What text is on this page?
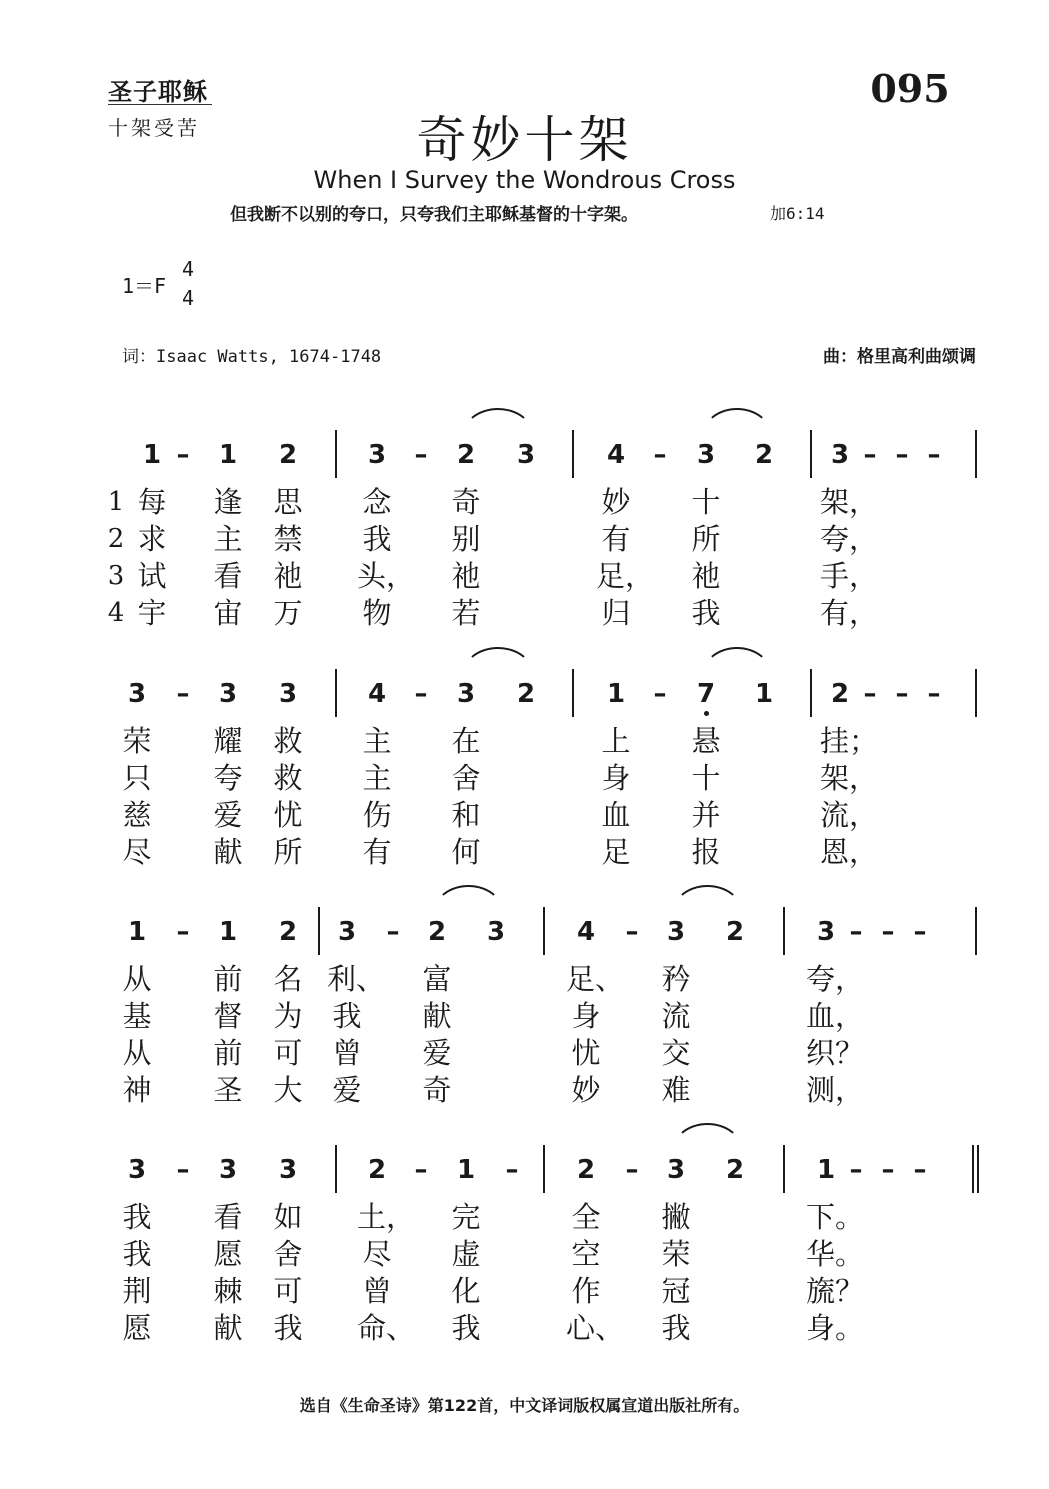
圣子耶稣
十架受苦
095
奇妙十架
When I Survey the Wondrous Cross
但我断不以别的夸口，只夸我们主耶稣基督的十字架。	加6:14
1＝F
4
4
词：Isaac Watts, 1674-1748	曲：格里高利曲颂调
1 –	1 2	3	–	2 3	4	–	3 2 3 – – –
1 每 逢 思 念 奇	妙 十	架，
2 求 主 禁 我 别	有 所	夸，
3 试 看 祂 头， 祂	足， 祂	手，
4 宇 宙 万 物 若	归 我	有，
3	–	3 3	4	–	3 2	1	–	7 1 2 – – –
荣 耀 救 主 在	上 悬	挂；
只 夸 救 主 舍	身 十	架，
慈 爱 忧 伤 和	血 并	流，
尽 献 所 有 何	足 报	恩，
1	–	1 2 3	–	2 3	4	–	3 2	3 – – –
从 前 名 利、 富	足、 矜	夸，
基 督 为 我 献	身 流	血，
从 前 可 曾 爱	忧 交	织？
神 圣 大 爱 奇	妙 难	测，
3	–	3 3	2	–	1	–	2	–	3 2	1 – – –
我 看 如 土， 完	全 撇	下。
我 愿 舍 尽 虚	空 荣	华。
荆 棘 可 曾 化	作 冠	旒？
愿 献 我 命、 我	心、 我	身。
选自《生命圣诗》第122首，中文译词版权属宣道出版社所有。
